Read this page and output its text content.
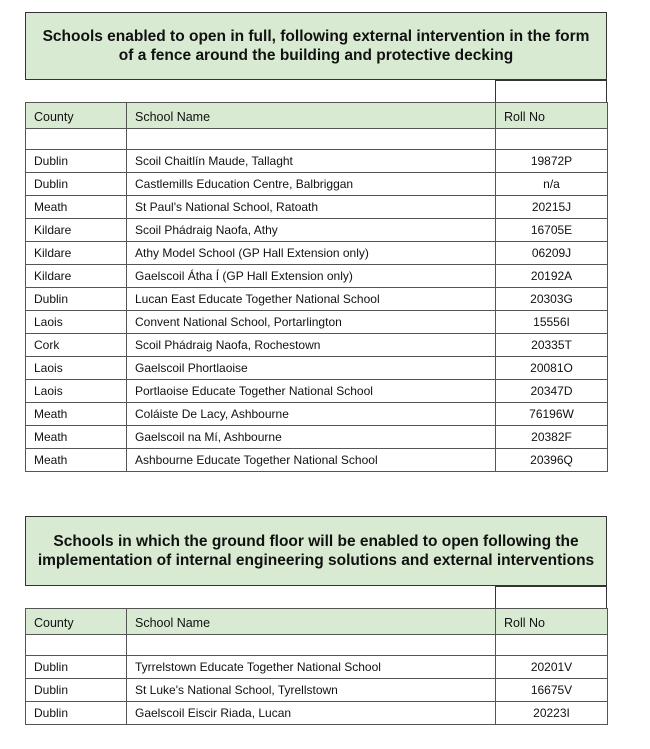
Schools enabled to open in full, following external intervention in the form of a fence around the building and protective decking
County	School Name	Roll No

Dublin	Scoil Chaitlín Maude, Tallaght	19872P
Dublin	Castlemills Education Centre, Balbriggan	n/a
Meath	St Paul's National School, Ratoath	20215J
Kildare	Scoil Phádraig Naofa, Athy	16705E
Kildare	Athy Model School (GP Hall Extension only)	06209J
Kildare	Gaelscoil Átha Í (GP Hall Extension only)	20192A
Dublin	Lucan East Educate Together National School	20303G
Laois	Convent National School, Portarlington	15556I
Cork	Scoil Phádraig Naofa, Rochestown	20335T
Laois	Gaelscoil Phortlaoise	20081O
Laois	Portlaoise Educate Together National School	20347D
Meath	Coláiste De Lacy, Ashbourne	76196W
Meath	Gaelscoil na Mí, Ashbourne	20382F
Meath	Ashbourne Educate Together National School	20396Q
Schools in which the ground floor will be enabled to open following the implementation of internal engineering solutions and external interventions
County	School Name	Roll No

Dublin	Tyrrelstown Educate Together National School	20201V
Dublin	St Luke's National School, Tyrellstown	16675V
Dublin	Gaelscoil Eiscir Riada, Lucan	20223I
